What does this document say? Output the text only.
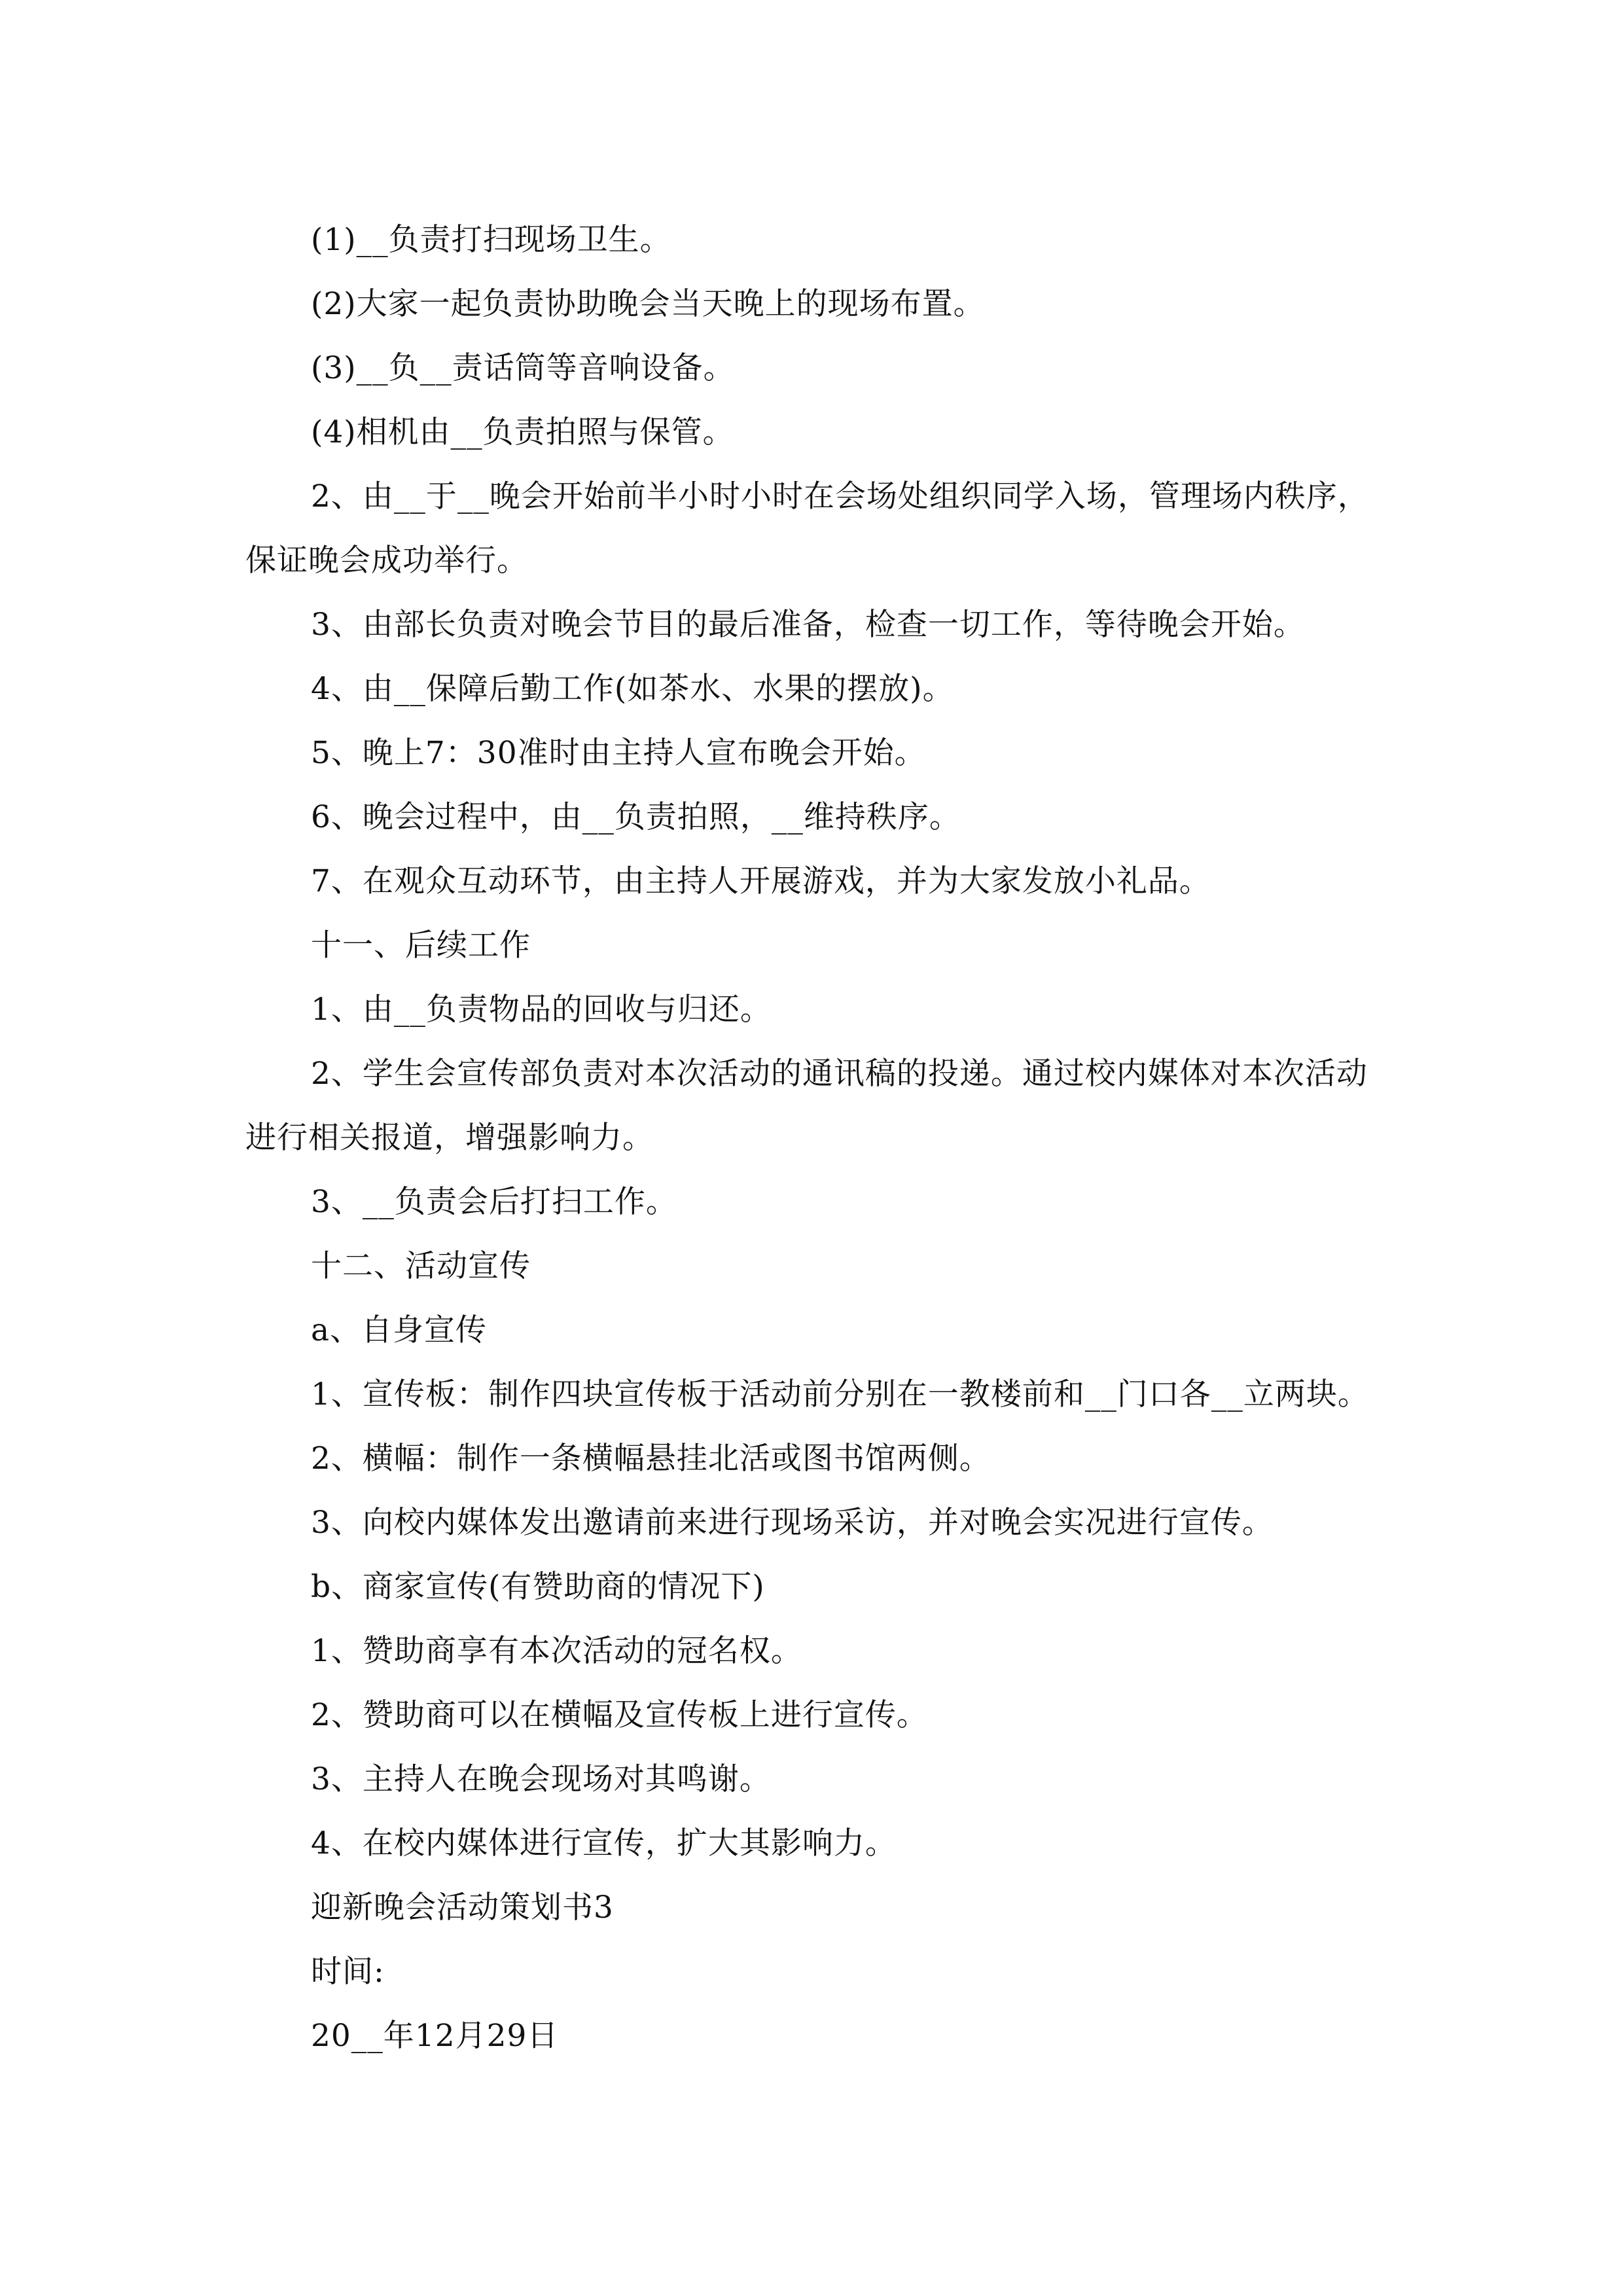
(1)__负责打扫现场卫生。

(2)大家一起负责协助晚会当天晚上的现场布置。

(3)__负__责话筒等音响设备。

(4)相机由__负责拍照与保管。

2、由__于__晚会开始前半小时小时在会场处组织同学入场，管理场内秩序，保证晚会成功举行。

3、由部长负责对晚会节目的最后准备，检查一切工作，等待晚会开始。

4、由__保障后勤工作(如茶水、水果的摆放)。

5、晚上7：30准时由主持人宣布晚会开始。

6、晚会过程中，由__负责拍照，__维持秩序。

7、在观众互动环节，由主持人开展游戏，并为大家发放小礼品。

十一、后续工作

1、由__负责物品的回收与归还。

2、学生会宣传部负责对本次活动的通讯稿的投递。通过校内媒体对本次活动进行相关报道，增强影响力。

3、__负责会后打扫工作。

十二、活动宣传

a、自身宣传

1、宣传板：制作四块宣传板于活动前分别在一教楼前和__门口各__立两块。

2、横幅：制作一条横幅悬挂北活或图书馆两侧。

3、向校内媒体发出邀请前来进行现场采访，并对晚会实况进行宣传。

b、商家宣传(有赞助商的情况下)

1、赞助商享有本次活动的冠名权。

2、赞助商可以在横幅及宣传板上进行宣传。

3、主持人在晚会现场对其鸣谢。

4、在校内媒体进行宣传，扩大其影响力。

迎新晚会活动策划书3

时间:

20__年12月29日
